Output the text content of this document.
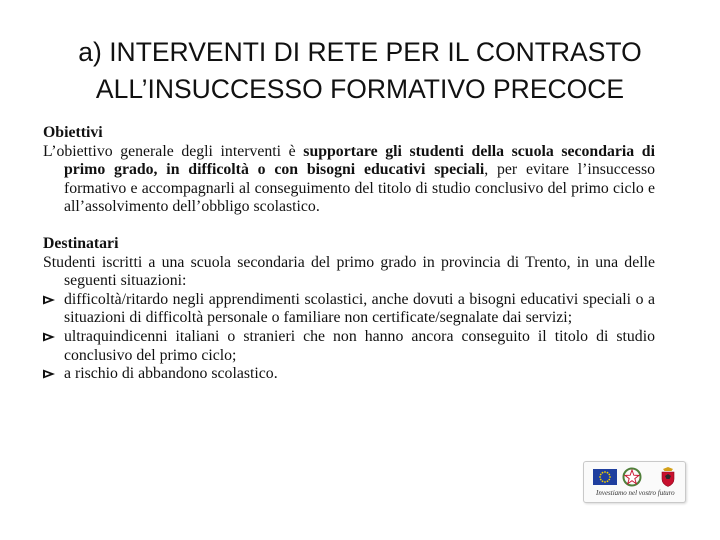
a) INTERVENTI DI RETE PER IL CONTRASTO
ALL’INSUCCESSO FORMATIVO PRECOCE
Obiettivi
L’obiettivo generale degli interventi è supportare gli studenti della scuola secondaria di primo grado, in difficoltà o con bisogni educativi speciali, per evitare l’insuccesso formativo e accompagnarli al conseguimento del titolo di studio conclusivo del primo ciclo e all’assolvimento dell’obbligo scolastico.
Destinatari
Studenti iscritti a una scuola secondaria del primo grado in provincia di Trento, in una delle seguenti situazioni:
difficoltà/ritardo negli apprendimenti scolastici, anche dovuti a bisogni educativi speciali o a situazioni di difficoltà personale o familiare non certificate/segnalate dai servizi;
ultraquindicenni italiani o stranieri che non hanno ancora conseguito il titolo di studio conclusivo del primo ciclo;
a rischio di abbandono scolastico.
Investiamo nel vostro futuro
